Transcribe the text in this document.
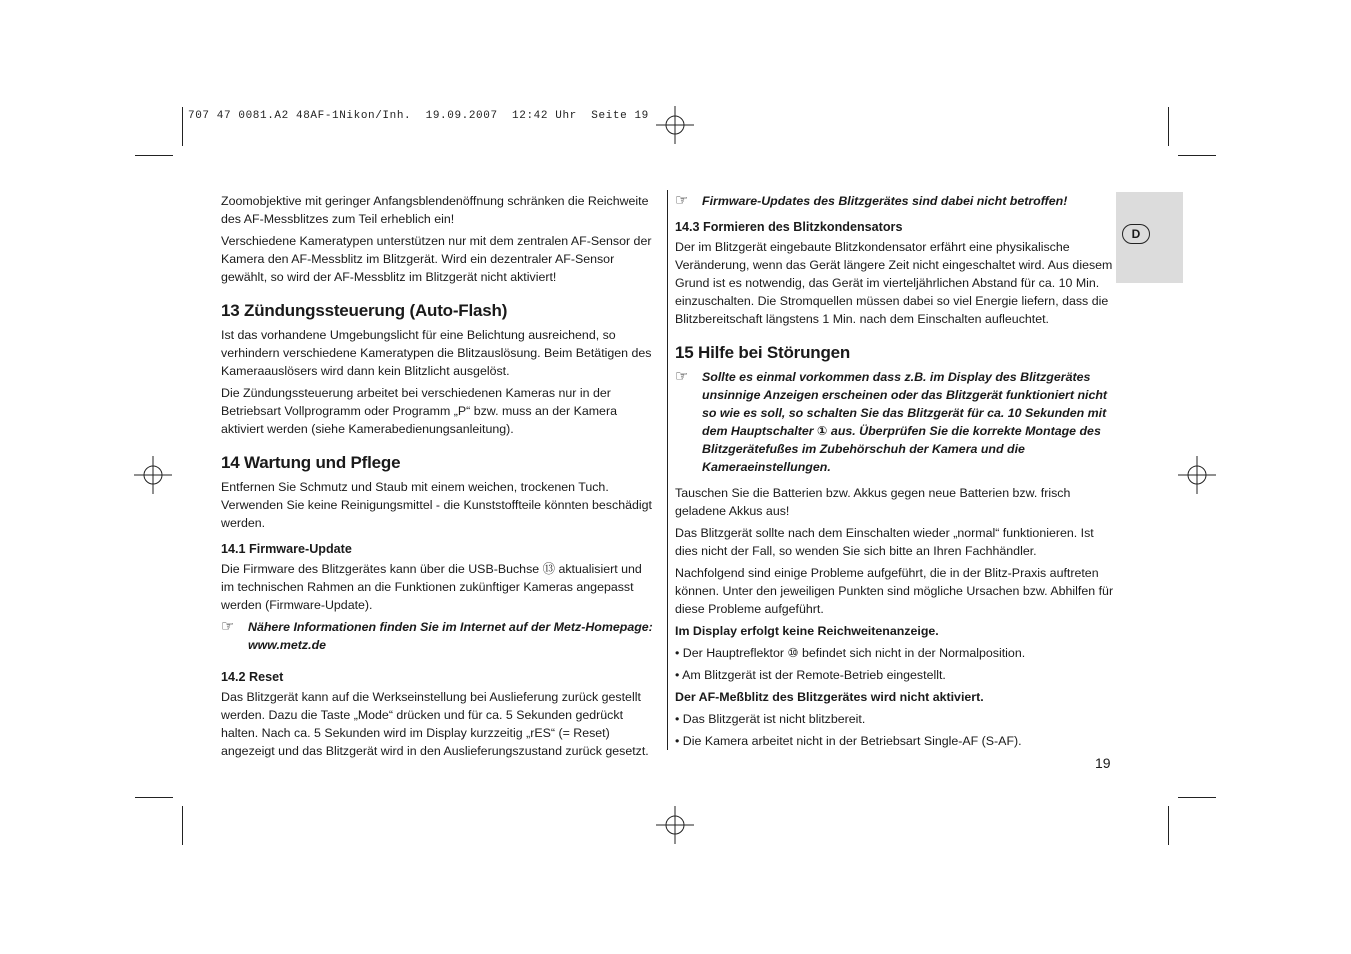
707 47 0081.A2 48AF-1Nikon/Inh.  19.09.2007  12:42 Uhr  Seite 19
D

Zoomobjektive mit geringer Anfangsblendenöffnung schränken die Reichweite des AF-Messblitzes zum Teil erheblich ein!

Verschiedene Kameratypen unterstützen nur mit dem zentralen AF-Sensor der Kamera den AF-Messblitz im Blitzgerät. Wird ein dezentraler AF-Sensor gewählt, so wird der AF-Messblitz im Blitzgerät nicht aktiviert!

13 Zündungssteuerung (Auto-Flash)

Ist das vorhandene Umgebungslicht für eine Belichtung ausreichend, so verhindern verschiedene Kameratypen die Blitzauslösung. Beim Betätigen des Kameraauslösers wird dann kein Blitzlicht ausgelöst.

Die Zündungssteuerung arbeitet bei verschiedenen Kameras nur in der Betriebsart Vollprogramm oder Programm „P“ bzw. muss an der Kamera aktiviert werden (siehe Kamerabedienungsanleitung).

14 Wartung und Pflege

Entfernen Sie Schmutz und Staub mit einem weichen, trockenen Tuch. Verwenden Sie keine Reinigungsmittel - die Kunststoffteile könnten beschädigt werden.

14.1 Firmware-Update

Die Firmware des Blitzgerätes kann über die USB-Buchse ⑬ aktualisiert und im technischen Rahmen an die Funktionen zukünftiger Kameras angepasst werden (Firmware-Update).

☞	Nähere Informationen finden Sie im Internet auf der Metz-Homepage: www.metz.de
14.2 Reset

Das Blitzgerät kann auf die Werkseinstellung bei Auslieferung zurück gestellt werden. Dazu die Taste „Mode“ drücken und für ca. 5 Sekunden gedrückt halten. Nach ca. 5 Sekunden wird im Display kurzzeitig „rES“ (= Reset) angezeigt und das Blitzgerät wird in den Auslieferungszustand zurück gesetzt.

☞	Firmware-Updates des Blitzgerätes sind dabei nicht betroffen!
14.3 Formieren des Blitzkondensators

Der im Blitzgerät eingebaute Blitzkondensator erfährt eine physikalische Veränderung, wenn das Gerät längere Zeit nicht eingeschaltet wird. Aus diesem Grund ist es notwendig, das Gerät im vierteljährlichen Abstand für ca. 10 Min. einzuschalten. Die Stromquellen müssen dabei so viel Energie liefern, dass die Blitzbereitschaft längstens 1 Min. nach dem Einschalten aufleuchtet.

15 Hilfe bei Störungen
☞	Sollte es einmal vorkommen dass z.B. im Display des Blitzgerätes unsinnige Anzeigen erscheinen oder das Blitzgerät funktioniert nicht so wie es soll, so schalten Sie das Blitzgerät für ca. 10 Sekunden mit dem Hauptschalter ① aus. Überprüfen Sie die korrekte Montage des Blitzgerätefußes im Zubehörschuh der Kamera und die Kameraeinstellungen.

Tauschen Sie die Batterien bzw. Akkus gegen neue Batterien bzw. frisch geladene Akkus aus!

Das Blitzgerät sollte nach dem Einschalten wieder „normal“ funktionieren. Ist dies nicht der Fall, so wenden Sie sich bitte an Ihren Fachhändler.

Nachfolgend sind einige Probleme aufgeführt, die in der Blitz-Praxis auftreten können. Unter den jeweiligen Punkten sind mögliche Ursachen bzw. Abhilfen für diese Probleme aufgeführt.

Im Display erfolgt keine Reichweitenanzeige.

• Der Hauptreflektor ⑩ befindet sich nicht in der Normalposition.

• Am Blitzgerät ist der Remote-Betrieb eingestellt.

Der AF-Meßblitz des Blitzgerätes wird nicht aktiviert.

• Das Blitzgerät ist nicht blitzbereit.

• Die Kamera arbeitet nicht in der Betriebsart Single-AF (S-AF).

19
